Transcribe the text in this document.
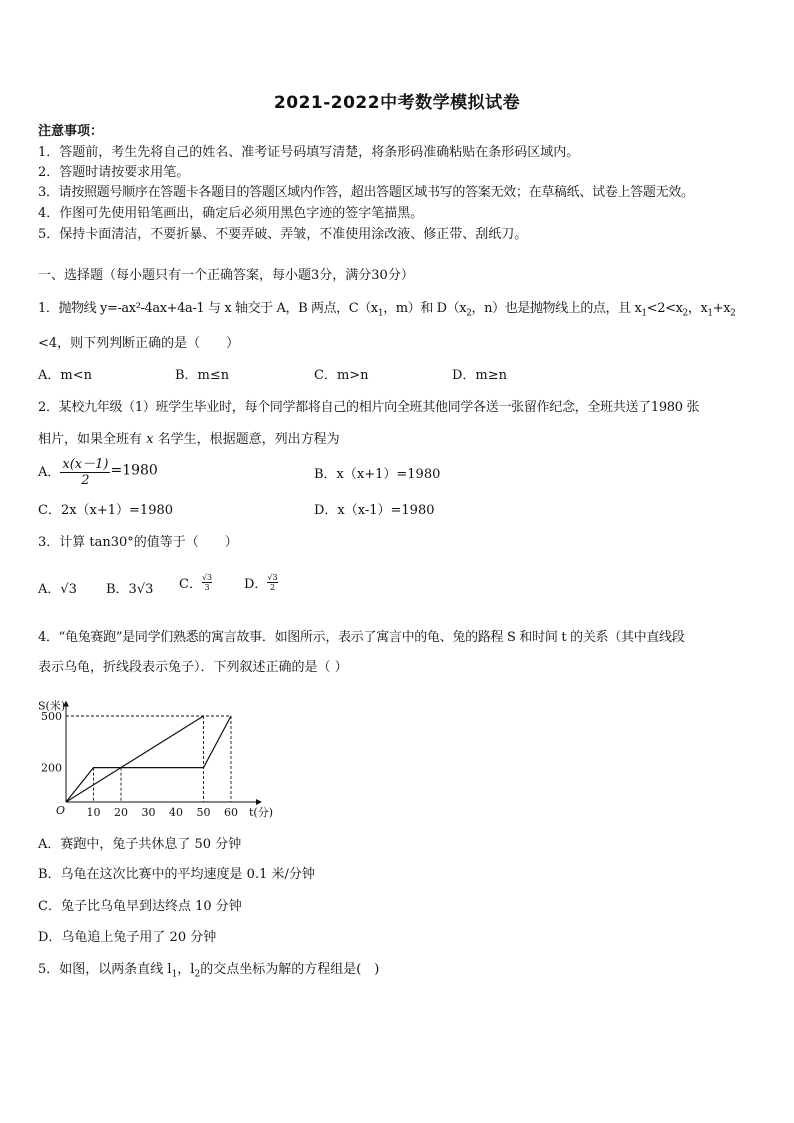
2021-2022中考数学模拟试卷
注意事项：
1．答题前，考生先将自己的姓名、准考证号码填写清楚，将条形码准确粘贴在条形码区域内。
2．答题时请按要求用笔。
3．请按照题号顺序在答题卡各题目的答题区域内作答，超出答题区域书写的答案无效；在草稿纸、试卷上答题无效。
4．作图可先使用铅笔画出，确定后必须用黑色字迹的签字笔描黑。
5．保持卡面清洁，不要折暴、不要弄破、弄皱，不准使用涂改液、修正带、刮纸刀。
一、选择题（每小题只有一个正确答案，每小题3分，满分30分）
1．抛物线 y=-ax²-4ax+4a-1 与 x 轴交于 A，B 两点，$C(x_1$，m）和 $D(x_2$，n）也是抛物线上的点，且 $x_1<2<x_2$，$x_1+x_2$
<4，则下列判断正确的是（　　）
A．m<n	B．m≤n	C．m>n	D．m≥n
2．某校九年级（1）班学生毕业时，每个同学都将自己的相片向全班其他同学各送一张留作纪念，全班共送了1980 张
相片，如果全班有 x 名学生，根据题意，列出方程为
A． $\frac{x(x-1)}{2} =1980$	B．x（x+1）=1980
C．2x（x+1）=1980	D．x（x-1）=1980
3．计算 tan30°的值等于（　　）
A．√3 B．3√3 C． $\frac{√3}{3}$ D． $\frac{√3}{2}$
4．“龟兔赛跑”是同学们熟悉的寓言故事．如图所示，表示了寓言中的龟、兔的路程 S 和时间 t 的关系（其中直线段
表示乌龟，折线段表示兔子）．下列叙述正确的是（ ）
S(米)
t(分)
O 10 20 30 40 50 60
200
500
A．赛跑中，兔子共休息了 50 分钟
B．乌龟在这次比赛中的平均速度是 0.1 米/分钟
C．兔子比乌龟早到达终点 10 分钟
D．乌龟追上兔子用了 20 分钟
5．如图，以两条直线 $l_1$，$l_2$的交点坐标为解的方程组是(　)
